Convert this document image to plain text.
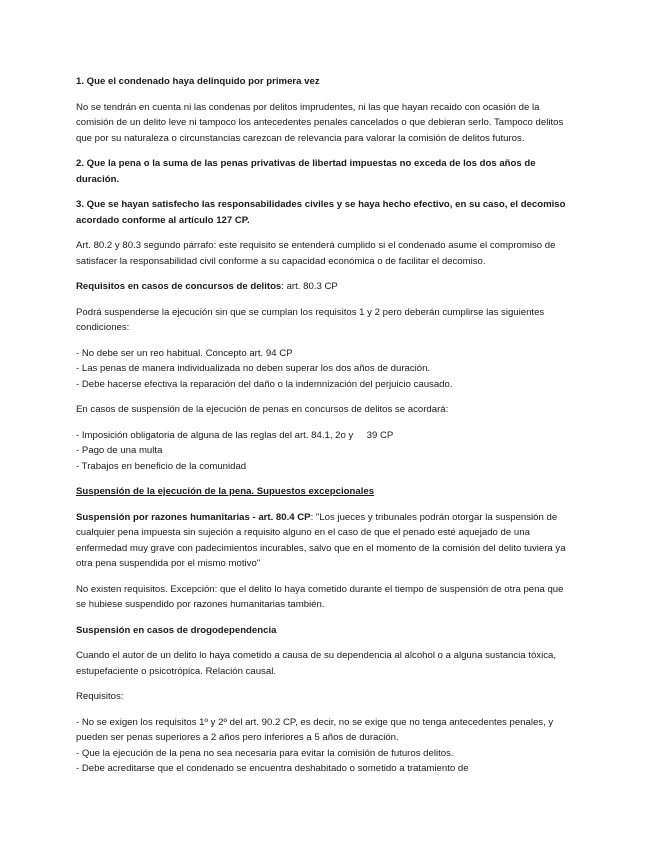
1. Que el condenado haya delinquido por primera vez

No se tendrán en cuenta ni las condenas por delitos imprudentes, ni las que hayan recaido con ocasión de la comisión de un delito leve ni tampoco los antecedentes penales cancelados o que debieran serlo. Tampoco delitos que por su naturaleza o circunstancias carezcan de relevancia para valorar la comisión de delitos futuros.

2. Que la pena o la suma de las penas privativas de libertad impuestas no exceda de los dos años de duración.

3. Que se hayan satisfecho las responsabilidades civiles y se haya hecho efectivo, en su caso, el decomiso acordado conforme al artículo 127 CP.

Art. 80.2 y 80.3 segundo párrafo: este requisito se entenderá cumplido si el condenado asume el compromiso de satisfacer la responsabilidad civil conforme a su capacidad económica o de facilitar el decomiso.

Requisitos en casos de concursos de delitos: art. 80.3 CP

Podrá suspenderse la ejecución sin que se cumplan los requisitos 1 y 2 pero deberán cumplirse las siguientes condiciones:

- No debe ser un reo habitual. Concepto art. 94 CP
- Las penas de manera individualizada no deben superar los dos años de duración.
- Debe hacerse efectiva la reparación del daño o la indemnización del perjuicio causado.

En casos de suspensión de la ejecución de penas en concursos de delitos se acordará:

- Imposición obligatoria de alguna de las reglas del art. 84.1, 2o y     39 CP
- Pago de una multa
- Trabajos en beneficio de la comunidad

Suspensión de la ejecución de la pena. Supuestos excepcionales

Suspensión por razones humanitarias - art. 80.4 CP: "Los jueces y tribunales podrán otorgar la suspensión de cualquier pena impuesta sin sujeción a requisito alguno en el caso de que el penado esté aquejado de una enfermedad muy grave con padecimientos incurables, salvo que en el momento de la comisión del delito tuviera ya otra pena suspendida por el mismo motivo"

No existen requisitos. Excepción: que el delito lo haya cometido durante el tiempo de suspensión de otra pena que se hubiese suspendido por razones humanitarias también.

Suspensión en casos de drogodependencia

Cuando el autor de un delito lo haya cometido a causa de su dependencia al alcohol o a alguna sustancia tóxica, estupefaciente o psicotrópica. Relación causal.

Requisitos:

- No se exigen los requisitos 1º y 2º del art. 90.2 CP, es decir, no se exige que no tenga antecedentes penales, y pueden ser penas superiores a 2 años pero inferiores a 5 años de duración.
- Que la ejecución de la pena no sea necesaria para evitar la comisión de futuros delitos.
- Debe acreditarse que el condenado se encuentra deshabitado o sometido a tratamiento de
